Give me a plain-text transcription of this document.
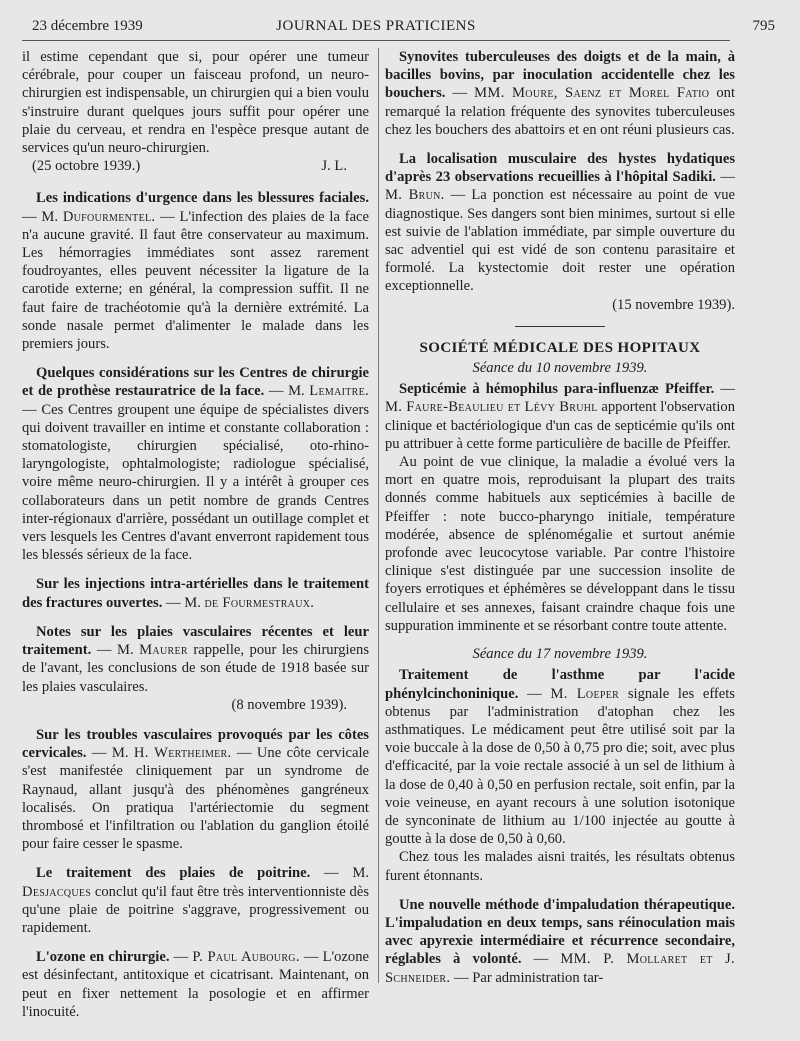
23 décembre 1939	JOURNAL DES PRATICIENS	795

il estime cependant que si, pour opérer une tumeur cérébrale, pour couper un faisceau profond, un neuro-chirurgien est indispensable, un chirurgien qui a bien voulu s'instruire durant quelques jours suffit pour opérer une plaie du cerveau, et rendra en l'espèce presque autant de services qu'un neuro-chirurgien.

(25 octobre 1939.)	J. L.

Les indications d'urgence dans les blessures faciales. — M. Dufourmentel. — L'infection des plaies de la face n'a aucune gravité. Il faut être conservateur au maximum. Les hémorragies immédiates sont assez rarement foudroyantes, elles peuvent nécessiter la ligature de la carotide externe; en général, la compression suffit. Il ne faut faire de trachéotomie qu'à la dernière extrémité. La sonde nasale permet d'alimenter le malade dans les premiers jours.

Quelques considérations sur les Centres de chirurgie et de prothèse restauratrice de la face. — M. Lemaitre. — Ces Centres groupent une équipe de spécialistes divers qui doivent travailler en intime et constante collaboration : stomatologiste, chirurgien spécialisé, oto-rhino-laryngologiste, ophtalmologiste; radiologue spécialisé, voire même neuro-chirurgien. Il y a intérêt à grouper ces collaborateurs dans un petit nombre de grands Centres inter-régionaux d'arrière, possédant un outillage complet et vers lesquels les Centres d'avant enverront rapidement tous les blessés sérieux de la face.

Sur les injections intra-artérielles dans le traitement des fractures ouvertes. — M. de Fourmestraux.

Notes sur les plaies vasculaires récentes et leur traitement. — M. Maurer rappelle, pour les chirurgiens de l'avant, les conclusions de son étude de 1918 basée sur les plaies vasculaires.

(8 novembre 1939).

Sur les troubles vasculaires provoqués par les côtes cervicales. — M. H. Wertheimer. — Une côte cervicale s'est manifestée cliniquement par un syndrome de Raynaud, allant jusqu'à des phénomènes gangréneux localisés. On pratiqua l'artériectomie du segment thrombosé et l'infiltration ou l'ablation du ganglion étoilé pour faire cesser le spasme.

Le traitement des plaies de poitrine. — M. Desjacques conclut qu'il faut être très interventionniste dès qu'une plaie de poitrine s'aggrave, progressivement ou rapidement.

L'ozone en chirurgie. — P. Paul Aubourg. — L'ozone est désinfectant, antitoxique et cicatrisant. Maintenant, on peut en fixer nettement la posologie et en affirmer l'inocuité.

Synovites tuberculeuses des doigts et de la main, à bacilles bovins, par inoculation accidentelle chez les bouchers. — MM. Moure, Saenz et Morel Fatio ont remarqué la relation fréquente des synovites tuberculeuses chez les bouchers des abattoirs et en ont réuni plusieurs cas.

La localisation musculaire des hystes hydatiques d'après 23 observations recueillies à l'hôpital Sadiki. — M. Brun. — La ponction est nécessaire au point de vue diagnostique. Ses dangers sont bien minimes, surtout si elle est suivie de l'ablation immédiate, par simple ouverture du sac adventiel qui est vidé de son contenu parasitaire et formolé. La kystectomie doit rester une opération exceptionnelle.

(15 novembre 1939).

SOCIÉTÉ MÉDICALE DES HOPITAUX

Séance du 10 novembre 1939.

Septicémie à hémophilus para-influenzæ Pfeiffer. — M. Faure-Beaulieu et Lévy Bruhl apportent l'observation clinique et bactériologique d'un cas de septicémie qu'ils ont pu attribuer à cette forme particulière de bacille de Pfeiffer.

Au point de vue clinique, la maladie a évolué vers la mort en quatre mois, reproduisant la plupart des traits donnés comme habituels aux septicémies à bacille de Pfeiffer : note bucco-pharyngo initiale, température modérée, absence de splénomégalie et surtout anémie profonde avec leucocytose variable. Par contre l'histoire clinique s'est distinguée par une succession insolite de foyers errotiques et éphémères se développant dans le tissu cellulaire et ses annexes, faisant craindre chaque fois une suppuration imminente et se résorbant contre toute attente.

Séance du 17 novembre 1939.

Traitement de l'asthme par l'acide phénylcinchoninique. — M. Loeper signale les effets obtenus par l'administration d'atophan chez les asthmatiques. Le médicament peut être utilisé soit par la voie buccale à la dose de 0,50 à 0,75 pro die; soit, avec plus d'efficacité, par la voie rectale associé à un sel de lithium à la dose de 0,40 à 0,50 en perfusion rectale, soit enfin, par la voie veineuse, en ayant recours à une solution isotonique de synconinate de lithium au 1/100 injectée au goutte à goutte à la dose de 0,50 à 0,60.

Chez tous les malades aisni traités, les résultats obtenus furent étonnants.

Une nouvelle méthode d'impaludation thérapeutique. L'impaludation en deux temps, sans réinoculation mais avec apyrexie intermédiaire et récurrence secondaire, réglables à volonté. — MM. P. Mollaret et J. Schneider. — Par administration tar-
